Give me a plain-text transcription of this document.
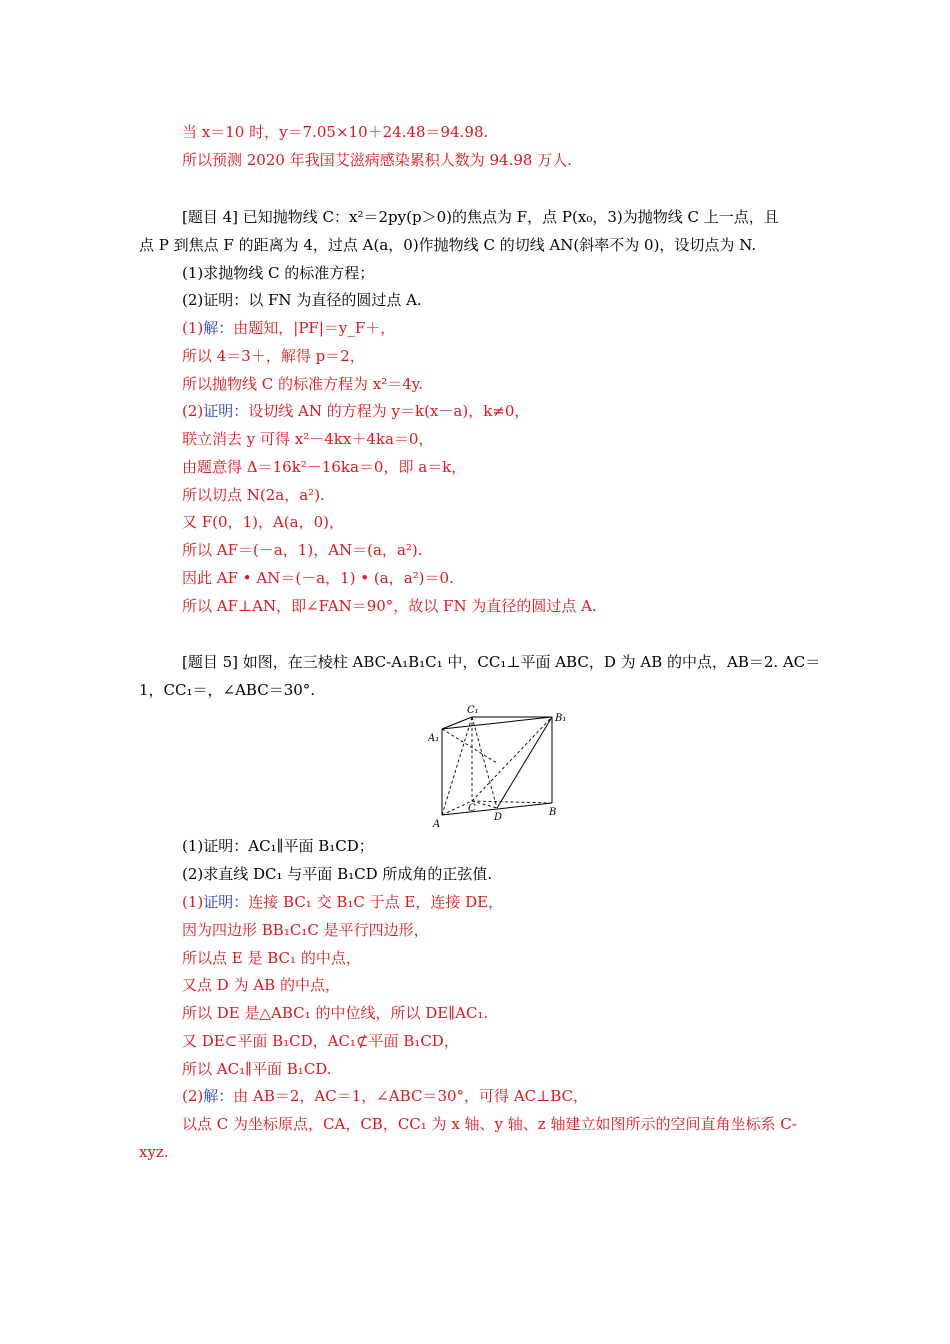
当 x＝10 时，y＝7.05×10＋24.48＝94.98.
所以预测 2020 年我国艾滋病感染累积人数为 94.98 万人.
[题目 4] 已知抛物线 C：x²＝2py(p＞0)的焦点为 F，点 P(x₀，3)为抛物线 C 上一点，且
点 P 到焦点 F 的距离为 4，过点 A(a，0)作抛物线 C 的切线 AN(斜率不为 0)，设切点为 N.
(1)求抛物线 C 的标准方程；
(2)证明：以 FN 为直径的圆过点 A.
(1)解：由题知，|PF|＝y_F＋，
所以 4＝3＋，解得 p＝2，
所以抛物线 C 的标准方程为 x²＝4y.
(2)证明：设切线 AN 的方程为 y＝k(x－a)，k≠0，
联立消去 y 可得 x²－4kx＋4ka＝0，
由题意得 Δ＝16k²－16ka＝0，即 a＝k，
所以切点 N(2a，a²).
又 F(0，1)，A(a，0)，
所以 AF＝(－a，1)，AN＝(a，a²).
因此 AF • AN＝(－a，1) • (a，a²)＝0.
所以 AF⊥AN，即∠FAN＝90°，故以 FN 为直径的圆过点 A.
[题目 5] 如图，在三棱柱 ABC-A₁B₁C₁ 中，CC₁⊥平面 ABC，D 为 AB 的中点，AB＝2. AC＝
1，CC₁＝，∠ABC＝30°.
C₁
B₁
A₁
C
D
A
B
(1)证明：AC₁∥平面 B₁CD；
(2)求直线 DC₁ 与平面 B₁CD 所成角的正弦值.
(1)证明：连接 BC₁ 交 B₁C 于点 E，连接 DE，
因为四边形 BB₁C₁C 是平行四边形，
所以点 E 是 BC₁ 的中点，
又点 D 为 AB 的中点，
所以 DE 是△ABC₁ 的中位线，所以 DE∥AC₁.
又 DE⊂平面 B₁CD，AC₁⊄平面 B₁CD，
所以 AC₁∥平面 B₁CD.
(2)解：由 AB＝2，AC＝1，∠ABC＝30°，可得 AC⊥BC，
以点 C 为坐标原点，CA，CB，CC₁ 为 x 轴、y 轴、z 轴建立如图所示的空间直角坐标系 C-
xyz.
